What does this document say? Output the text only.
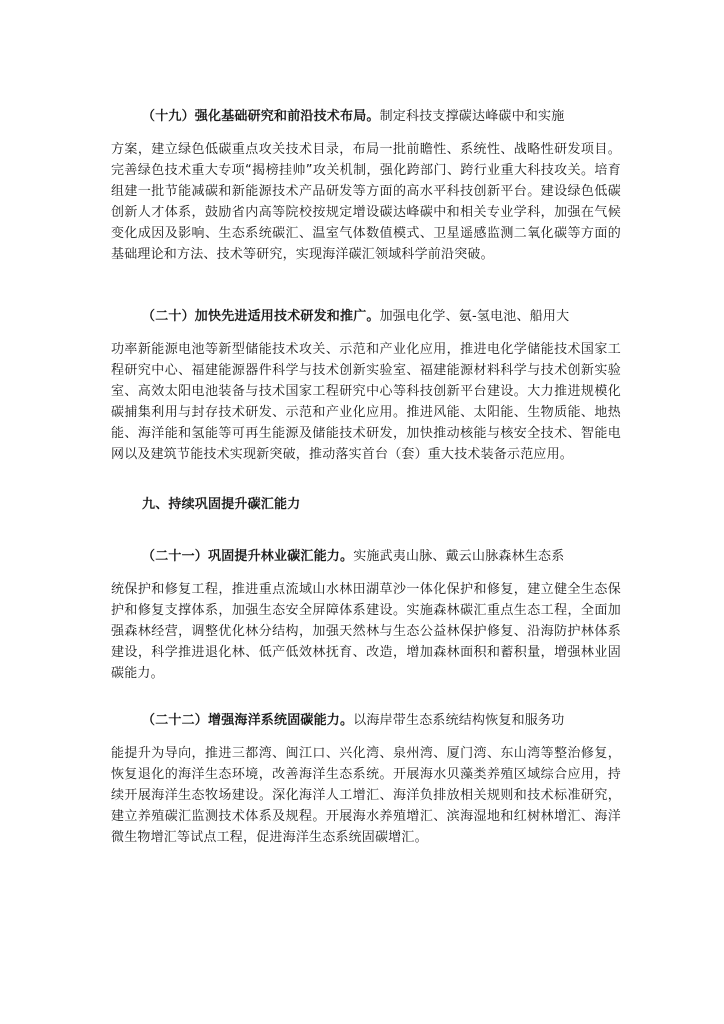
（十九）强化基础研究和前沿技术布局。制定科技支撑碳达峰碳中和实施
方案，建立绿色低碳重点攻关技术目录，布局一批前瞻性、系统性、战略性研发项目。完善绿色技术重大专项“揭榜挂帅”攻关机制，强化跨部门、跨行业重大科技攻关。培育组建一批节能减碳和新能源技术产品研发等方面的高水平科技创新平台。建设绿色低碳创新人才体系，鼓励省内高等院校按规定增设碳达峰碳中和相关专业学科，加强在气候变化成因及影响、生态系统碳汇、温室气体数值模式、卫星遥感监测二氧化碳等方面的基础理论和方法、技术等研究，实现海洋碳汇领域科学前沿突破。

（二十）加快先进适用技术研发和推广。加强电化学、氨-氢电池、船用大
功率新能源电池等新型储能技术攻关、示范和产业化应用，推进电化学储能技术国家工程研究中心、福建能源器件科学与技术创新实验室、福建能源材料科学与技术创新实验室、高效太阳电池装备与技术国家工程研究中心等科技创新平台建设。大力推进规模化碳捕集利用与封存技术研发、示范和产业化应用。推进风能、太阳能、生物质能、地热能、海洋能和氢能等可再生能源及储能技术研发，加快推动核能与核安全技术、智能电网以及建筑节能技术实现新突破，推动落实首台（套）重大技术装备示范应用。

九、持续巩固提升碳汇能力

（二十一）巩固提升林业碳汇能力。实施武夷山脉、戴云山脉森林生态系
统保护和修复工程，推进重点流域山水林田湖草沙一体化保护和修复，建立健全生态保护和修复支撑体系，加强生态安全屏障体系建设。实施森林碳汇重点生态工程，全面加强森林经营，调整优化林分结构，加强天然林与生态公益林保护修复、沿海防护林体系建设，科学推进退化林、低产低效林抚育、改造，增加森林面积和蓄积量，增强林业固碳能力。

（二十二）增强海洋系统固碳能力。以海岸带生态系统结构恢复和服务功
能提升为导向，推进三都湾、闽江口、兴化湾、泉州湾、厦门湾、东山湾等整治修复，恢复退化的海洋生态环境，改善海洋生态系统。开展海水贝藻类养殖区域综合应用，持续开展海洋生态牧场建设。深化海洋人工增汇、海洋负排放相关规则和技术标准研究，建立养殖碳汇监测技术体系及规程。开展海水养殖增汇、滨海湿地和红树林增汇、海洋微生物增汇等试点工程，促进海洋生态系统固碳增汇。
